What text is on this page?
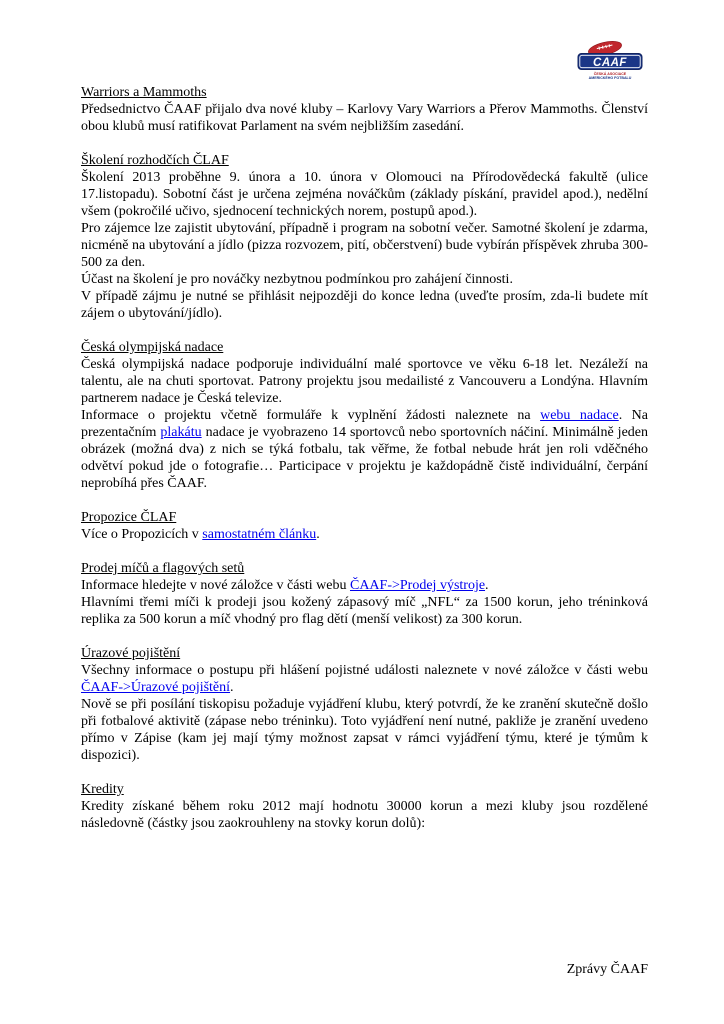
CAAF
ČESKÁ ASOCIACE
AMERICKÉHO FOTBALU
Warriors a Mammoths

Předsednictvo ČAAF přijalo dva nové kluby – Karlovy Vary Warriors a Přerov Mammoths. Členství obou klubů musí ratifikovat Parlament na svém nejbližším zasedání.

Školení rozhodčích ČLAF

Školení 2013 proběhne 9. února a 10. února v Olomouci na Přírodovědecká fakultě (ulice 17.listopadu). Sobotní část je určena zejména nováčkům (základy pískání, pravidel apod.), nedělní všem (pokročilé učivo, sjednocení technických norem, postupů apod.).

Pro zájemce lze zajistit ubytování, případně i program na sobotní večer. Samotné školení je zdarma, nicméně na ubytování a jídlo (pizza rozvozem, pití, občerstvení) bude vybírán příspěvek zhruba 300-500 za den.

Účast na školení je pro nováčky nezbytnou podmínkou pro zahájení činnosti.

V případě zájmu je nutné se přihlásit nejpozději do konce ledna (uveďte prosím, zda-li budete mít zájem o ubytování/jídlo).

Česká olympijská nadace

Česká olympijská nadace podporuje individuální malé sportovce ve věku 6-18 let. Nezáleží na talentu, ale na chuti sportovat. Patrony projektu jsou medailisté z Vancouveru a Londýna. Hlavním partnerem nadace je Česká televize.

Informace o projektu včetně formuláře k vyplnění žádosti naleznete na webu nadace. Na prezentačním plakátu nadace je vyobrazeno 14 sportovců nebo sportovních náčiní. Minimálně jeden obrázek (možná dva) z nich se týká fotbalu, tak věřme, že fotbal nebude hrát jen roli vděčného odvětví pokud jde o fotografie… Participace v projektu je každopádně čistě individuální, čerpání neprobíhá přes ČAAF.

Propozice ČLAF

Více o Propozicích v samostatném článku.

Prodej míčů a flagových setů

Informace hledejte v nové záložce v části webu ČAAF->Prodej výstroje.

Hlavními třemi míči k prodeji jsou kožený zápasový míč „NFL“ za 1500 korun, jeho tréninková replika za 500 korun a míč vhodný pro flag dětí (menší velikost) za 300 korun.

Úrazové pojištění

Všechny informace o postupu při hlášení pojistné události naleznete v nové záložce v části webu ČAAF->Úrazové pojištění.

Nově se při posílání tiskopisu požaduje vyjádření klubu, který potvrdí, že ke zranění skutečně došlo při fotbalové aktivitě (zápase nebo tréninku). Toto vyjádření není nutné, pakliže je zranění uvedeno přímo v Zápise (kam jej mají týmy možnost zapsat v rámci vyjádření týmu, které je týmům k dispozici).

Kredity

Kredity získané během roku 2012 mají hodnotu 30000 korun a mezi kluby jsou rozdělené následovně (částky jsou zaokrouhleny na stovky korun dolů):

Zprávy ČAAF
